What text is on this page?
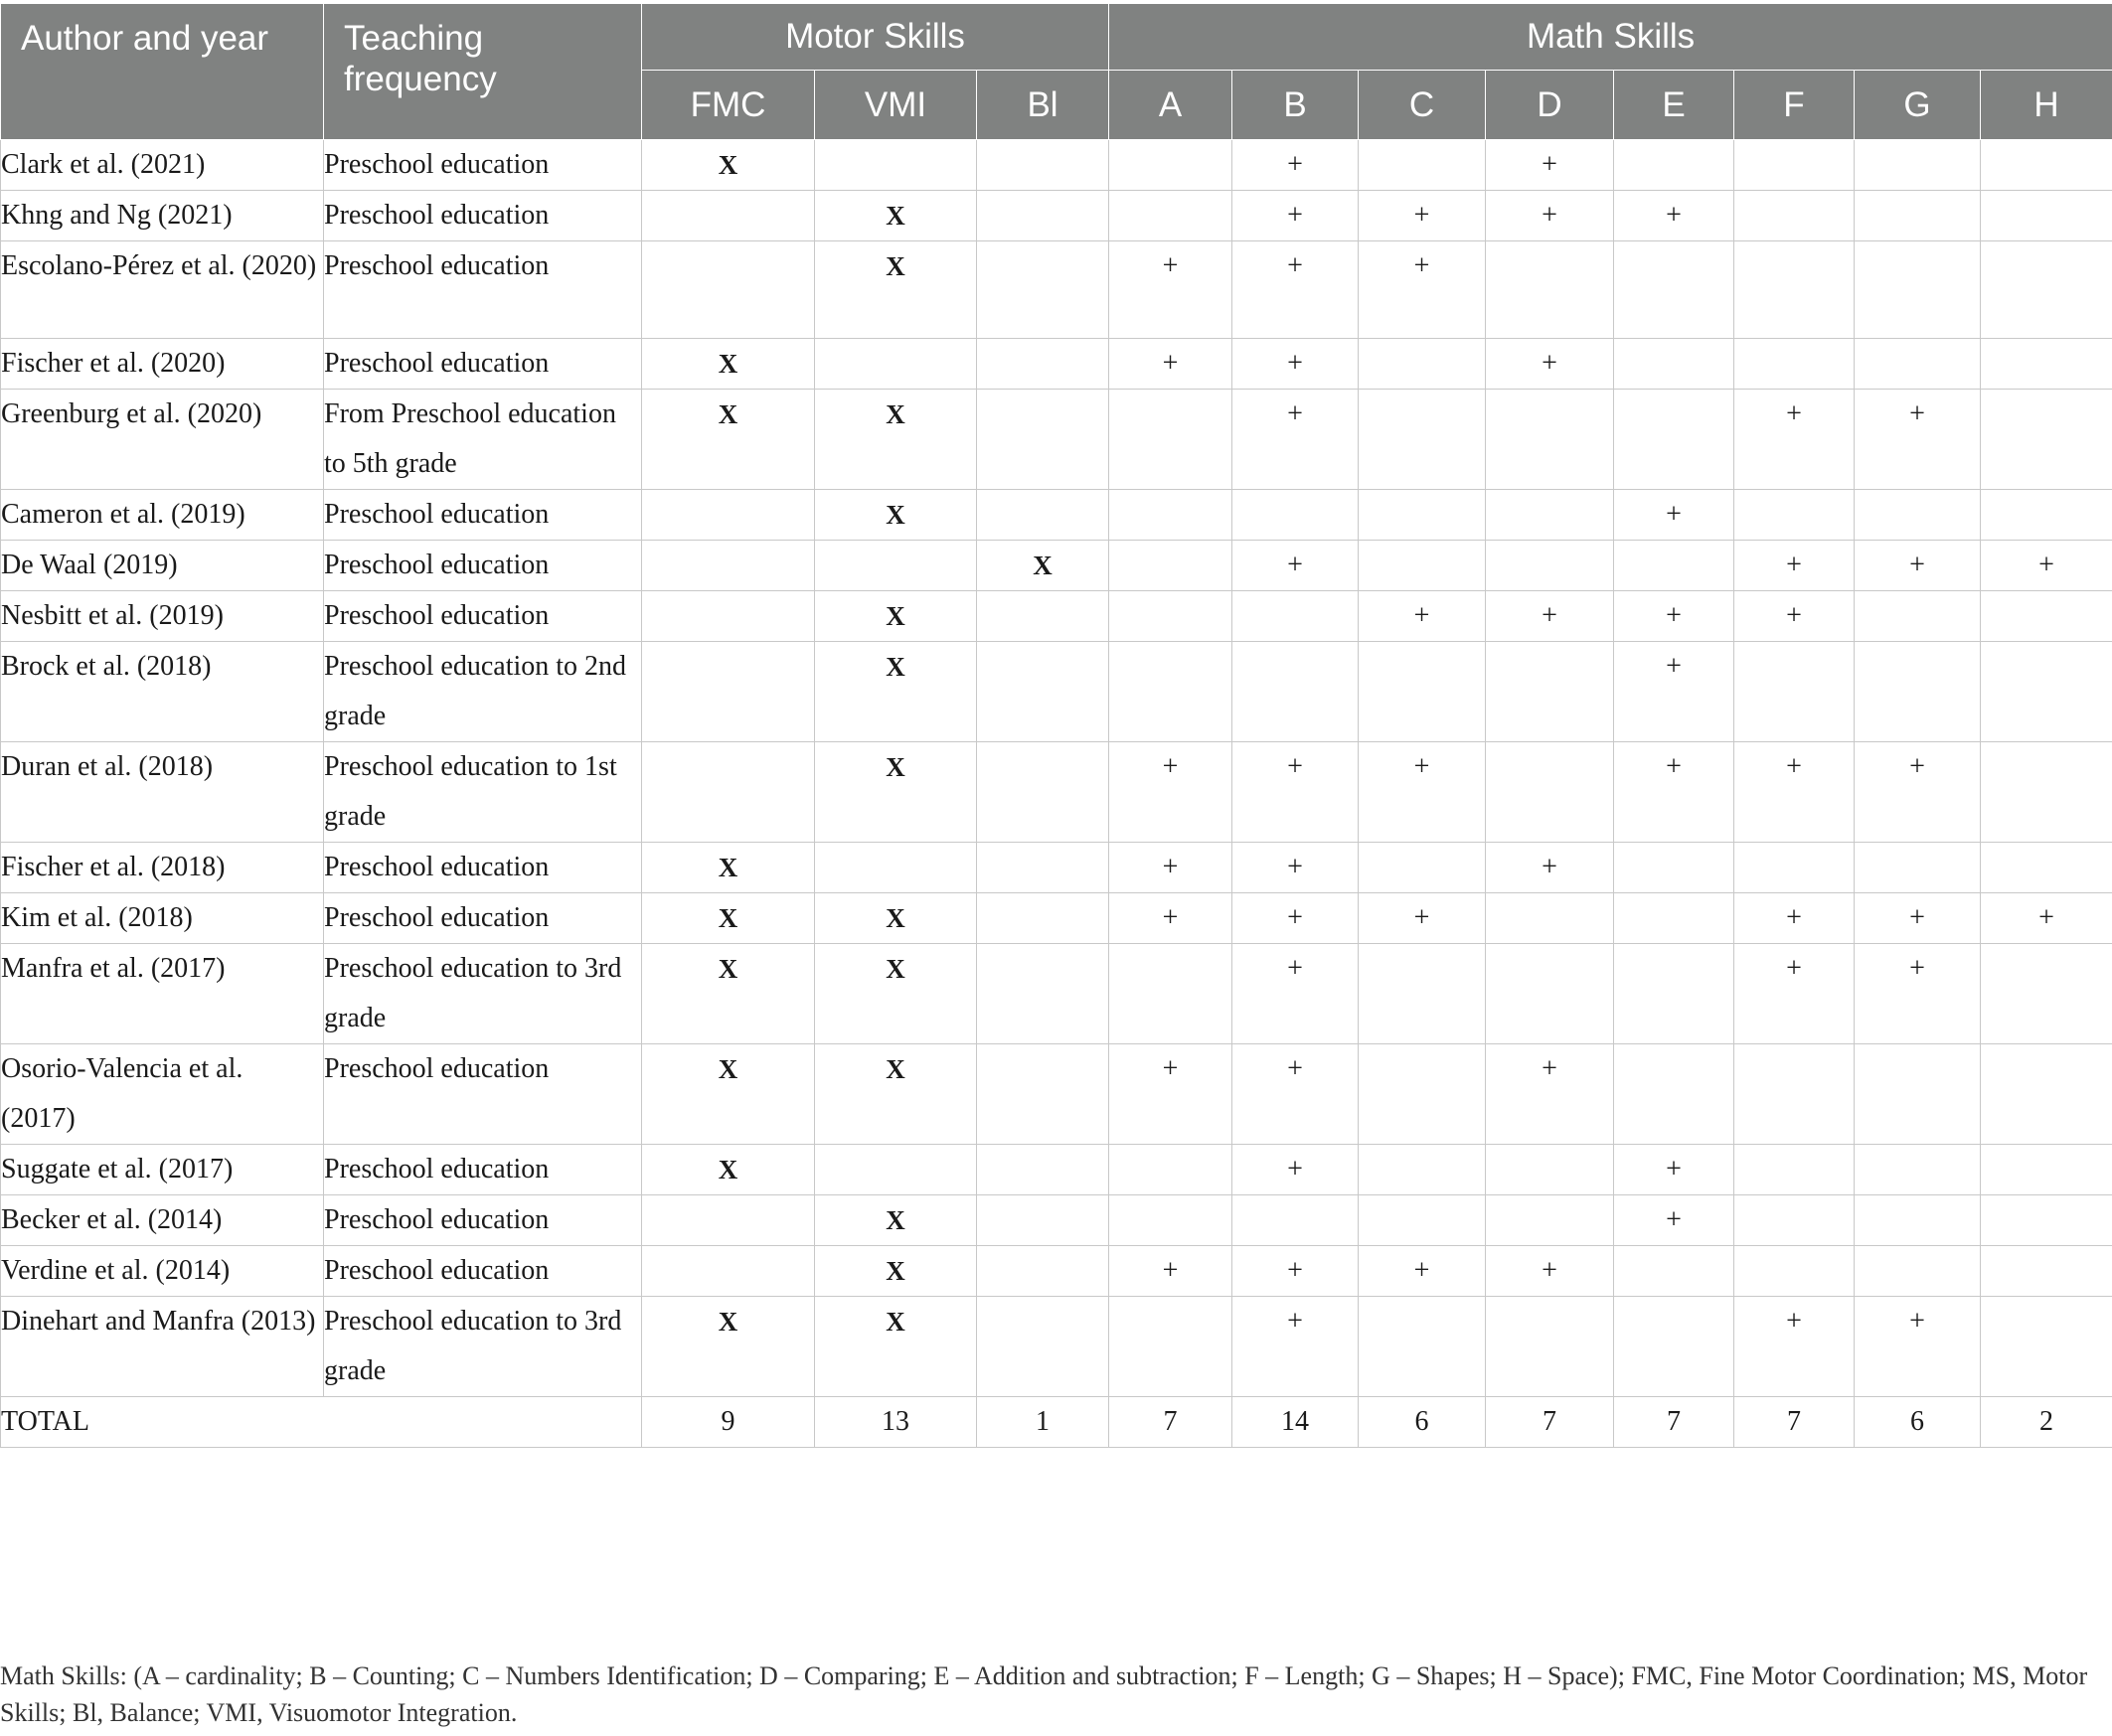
Author and year	Teaching frequency	Motor Skills			Math Skills							
		FMC	VMI	Bl	A	B	C	D	E	F	G	H
Clark et al. (2021)	Preschool education	X				+		+				
Khng and Ng (2021)	Preschool education		X			+	+	+	+			
Escolano-Pérez et al. (2020)	Preschool education		X		+	+	+					
Fischer et al. (2020)	Preschool education	X			+	+		+				
Greenburg et al. (2020)	From Preschool education to 5th grade	X	X			+				+	+	
Cameron et al. (2019)	Preschool education		X						+			
De Waal (2019)	Preschool education			X		+				+	+	+
Nesbitt et al. (2019)	Preschool education		X				+	+	+	+		
Brock et al. (2018)	Preschool education to 2nd grade		X						+			
Duran et al. (2018)	Preschool education to 1st grade		X		+	+	+		+	+	+	
Fischer et al. (2018)	Preschool education	X			+	+		+				
Kim et al. (2018)	Preschool education	X	X		+	+	+			+	+	+
Manfra et al. (2017)	Preschool education to 3rd grade	X	X			+				+	+	
Osorio-Valencia et al. (2017)	Preschool education	X	X		+	+		+				
Suggate et al. (2017)	Preschool education	X				+			+			
Becker et al. (2014)	Preschool education		X						+			
Verdine et al. (2014)	Preschool education		X		+	+	+	+				
Dinehart and Manfra (2013)	Preschool education to 3rd grade	X	X			+				+	+	
TOTAL		9	13	1	7	14	6	7	7	7	6	2
Math Skills: (A – cardinality; B – Counting; C – Numbers Identification; D – Comparing; E – Addition and subtraction; F – Length; G – Shapes; H – Space); FMC, Fine Motor Coordination; MS, Motor Skills; Bl, Balance; VMI, Visuomotor Integration.
